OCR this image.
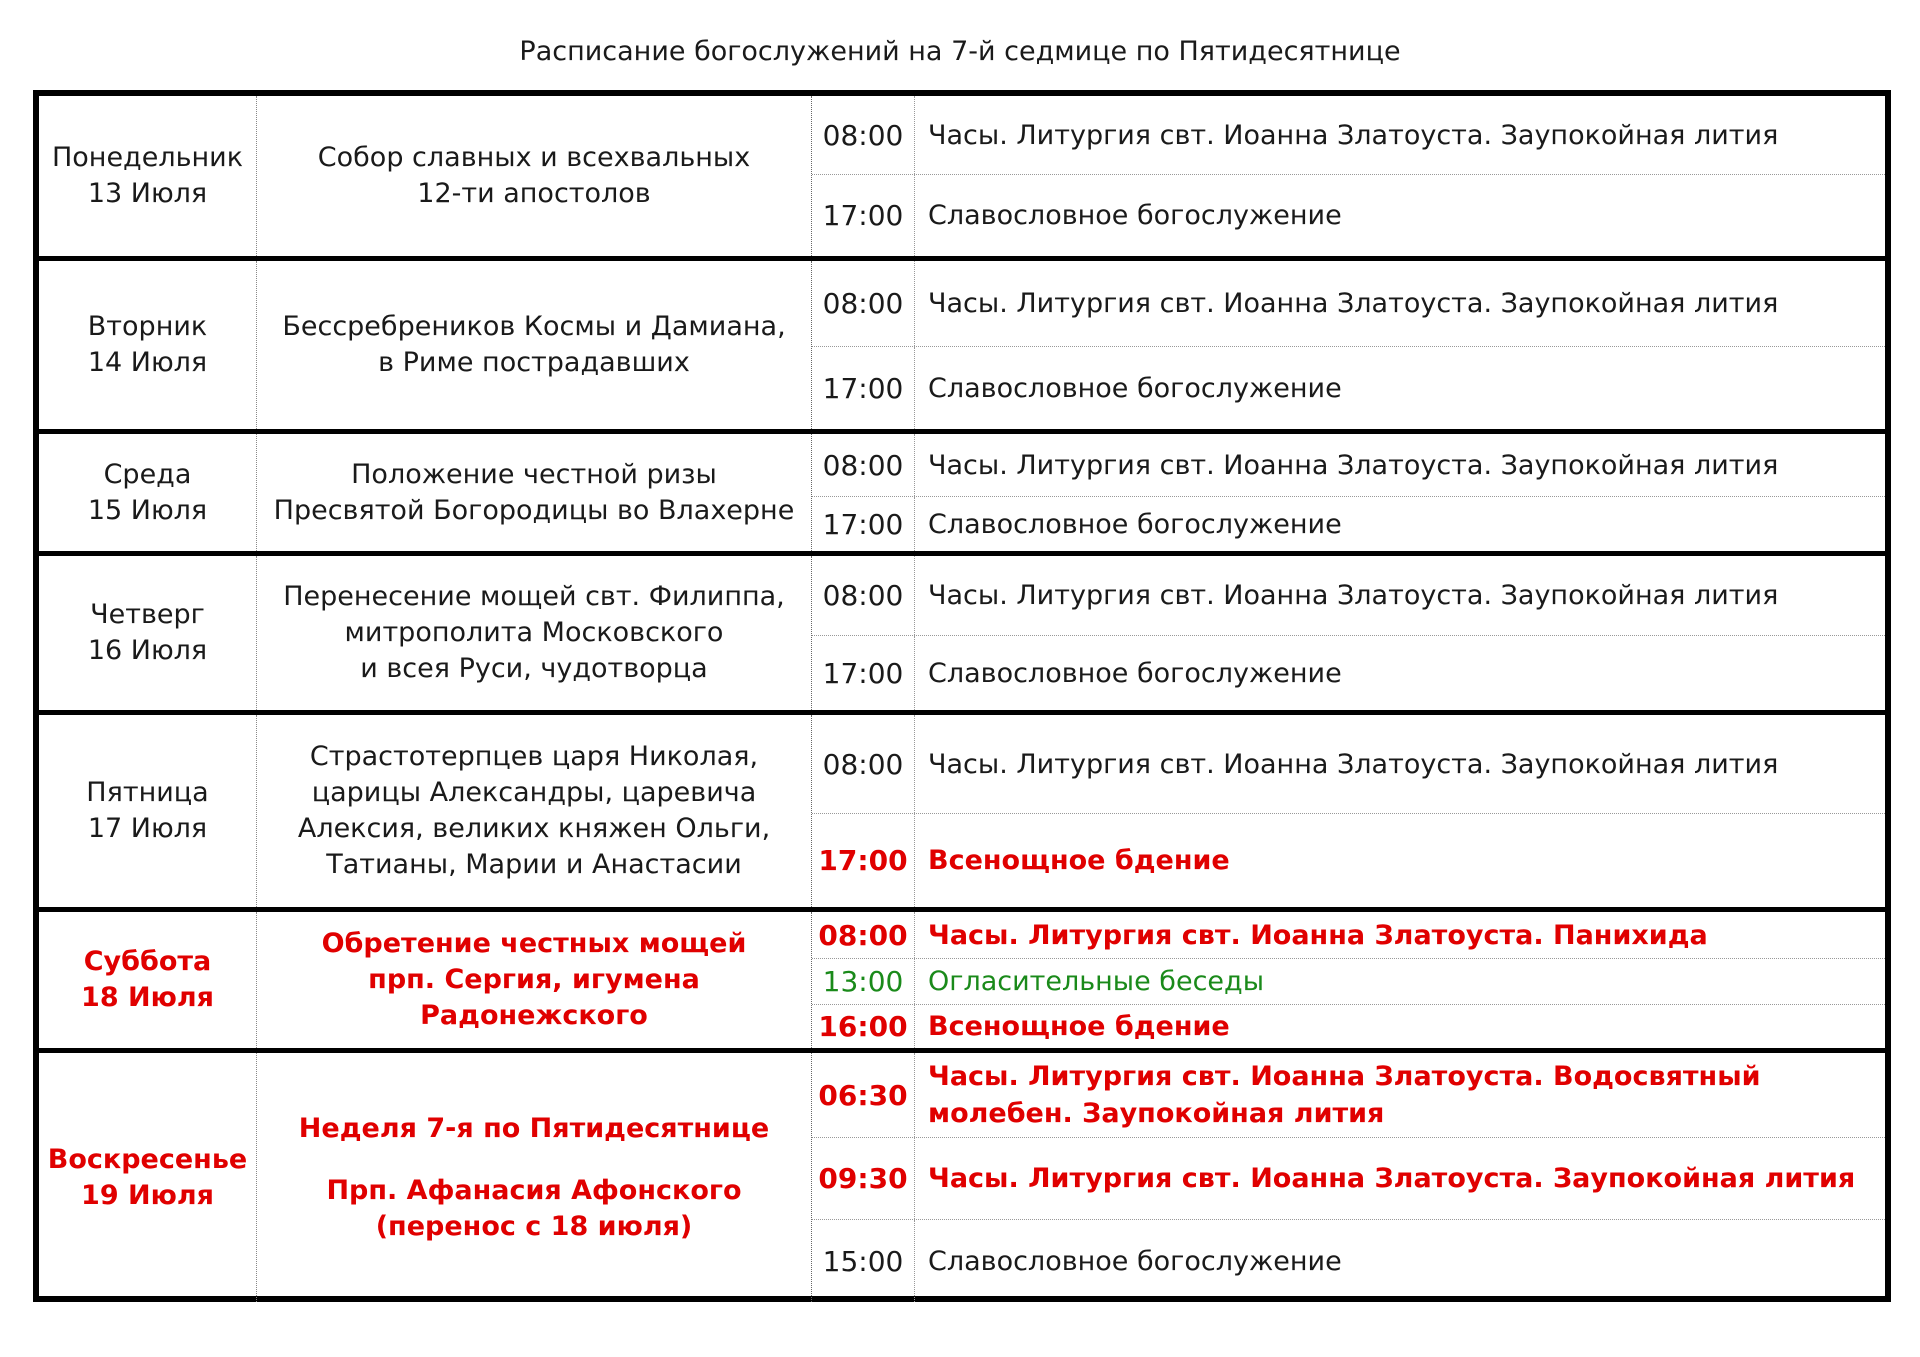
Расписание богослужений на 7-й седмице по Пятидесятнице
Понедельник
13 Июля
Собор славных и всехвальных
12-ти апостолов
08:00 Часы. Литургия свт. Иоанна Златоуста. Заупокойная лития
17:00 Славословное богослужение
Вторник
14 Июля
Бессребреников Космы и Дамиана,
в Риме пострадавших
08:00 Часы. Литургия свт. Иоанна Златоуста. Заупокойная лития
17:00 Славословное богослужение
Среда
15 Июля
Положение честной ризы
Пресвятой Богородицы во Влахерне
08:00 Часы. Литургия свт. Иоанна Златоуста. Заупокойная лития
17:00 Славословное богослужение
Четверг
16 Июля
Перенесение мощей свт. Филиппа,
митрополита Московского
и всея Руси, чудотворца
08:00 Часы. Литургия свт. Иоанна Златоуста. Заупокойная лития
17:00 Славословное богослужение
Пятница
17 Июля
Страстотерпцев царя Николая,
царицы Александры, царевича
Алексия, великих княжен Ольги,
Татианы, Марии и Анастасии
08:00 Часы. Литургия свт. Иоанна Златоуста. Заупокойная лития
17:00 Всенощное бдение
Суббота
18 Июля
Обретение честных мощей
прп. Сергия, игумена Радонежского
08:00 Часы. Литургия свт. Иоанна Златоуста. Панихида
13:00 Огласительные беседы
16:00 Всенощное бдение
Воскресенье
19 Июля
Неделя 7-я по Пятидесятнице
Прп. Афанасия Афонского
(перенос с 18 июля)
06:30
Часы. Литургия свт. Иоанна Златоуста. Водосвятный молебен. Заупокойная лития
09:30 Часы. Литургия свт. Иоанна Златоуста. Заупокойная лития
15:00 Славословное богослужение
